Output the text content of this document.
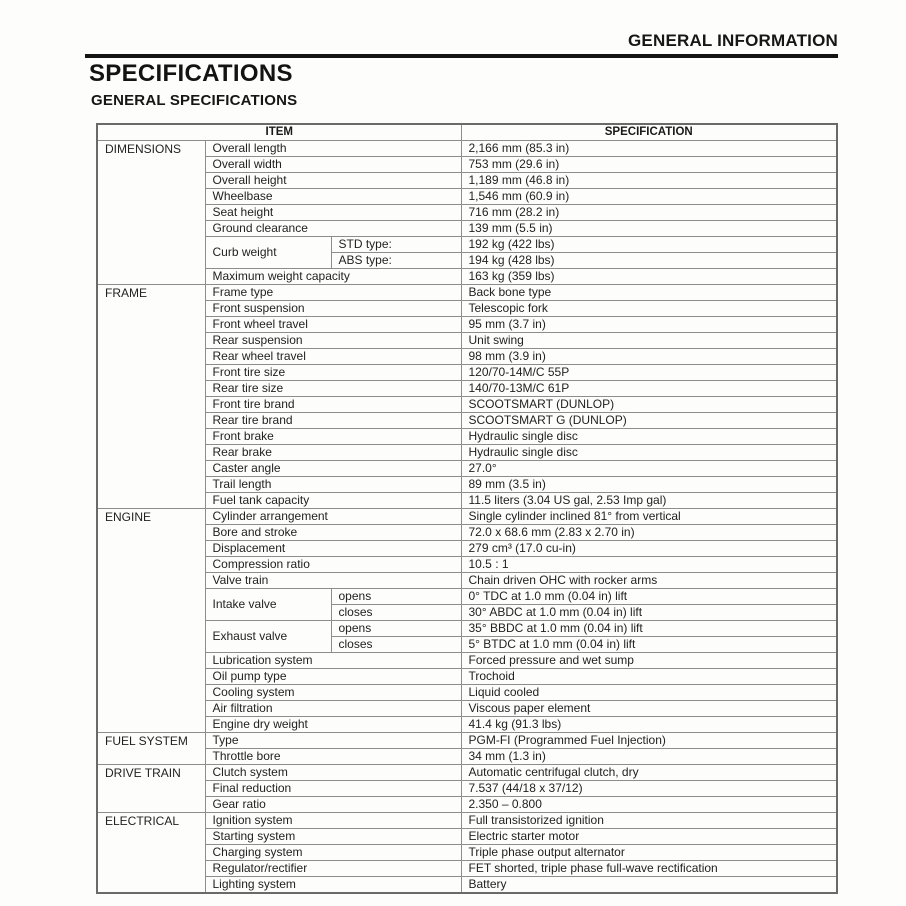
GENERAL INFORMATION
SPECIFICATIONS
GENERAL SPECIFICATIONS
ITEM			SPECIFICATION
DIMENSIONS	Overall length		2,166 mm (85.3 in)
	Overall width		753 mm (29.6 in)
	Overall height		1,189 mm (46.8 in)
	Wheelbase		1,546 mm (60.9 in)
	Seat height		716 mm (28.2 in)
	Ground clearance		139 mm (5.5 in)
	Curb weight	STD type:	192 kg (422 lbs)
		ABS type:	194 kg (428 lbs)
	Maximum weight capacity		163 kg (359 lbs)
FRAME	Frame type		Back bone type
	Front suspension		Telescopic fork
	Front wheel travel		95 mm (3.7 in)
	Rear suspension		Unit swing
	Rear wheel travel		98 mm (3.9 in)
	Front tire size		120/70-14M/C 55P
	Rear tire size		140/70-13M/C 61P
	Front tire brand		SCOOTSMART (DUNLOP)
	Rear tire brand		SCOOTSMART G (DUNLOP)
	Front brake		Hydraulic single disc
	Rear brake		Hydraulic single disc
	Caster angle		27.0°
	Trail length		89 mm (3.5 in)
	Fuel tank capacity		11.5 liters (3.04 US gal, 2.53 Imp gal)
ENGINE	Cylinder arrangement		Single cylinder inclined 81° from vertical
	Bore and stroke		72.0 x 68.6 mm (2.83 x 2.70 in)
	Displacement		279 cm³ (17.0 cu-in)
	Compression ratio		10.5 : 1
	Valve train		Chain driven OHC with rocker arms
	Intake valve	opens	0° TDC at 1.0 mm (0.04 in) lift
		closes	30° ABDC at 1.0 mm (0.04 in) lift
	Exhaust valve	opens	35° BBDC at 1.0 mm (0.04 in) lift
		closes	5° BTDC at 1.0 mm (0.04 in) lift
	Lubrication system		Forced pressure and wet sump
	Oil pump type		Trochoid
	Cooling system		Liquid cooled
	Air filtration		Viscous paper element
	Engine dry weight		41.4 kg (91.3 lbs)
FUEL SYSTEM	Type		PGM-FI (Programmed Fuel Injection)
	Throttle bore		34 mm (1.3 in)
DRIVE TRAIN	Clutch system		Automatic centrifugal clutch, dry
	Final reduction		7.537 (44/18 x 37/12)
	Gear ratio		2.350 – 0.800
ELECTRICAL	Ignition system		Full transistorized ignition
	Starting system		Electric starter motor
	Charging system		Triple phase output alternator
	Regulator/rectifier		FET shorted, triple phase full-wave rectification
	Lighting system		Battery
